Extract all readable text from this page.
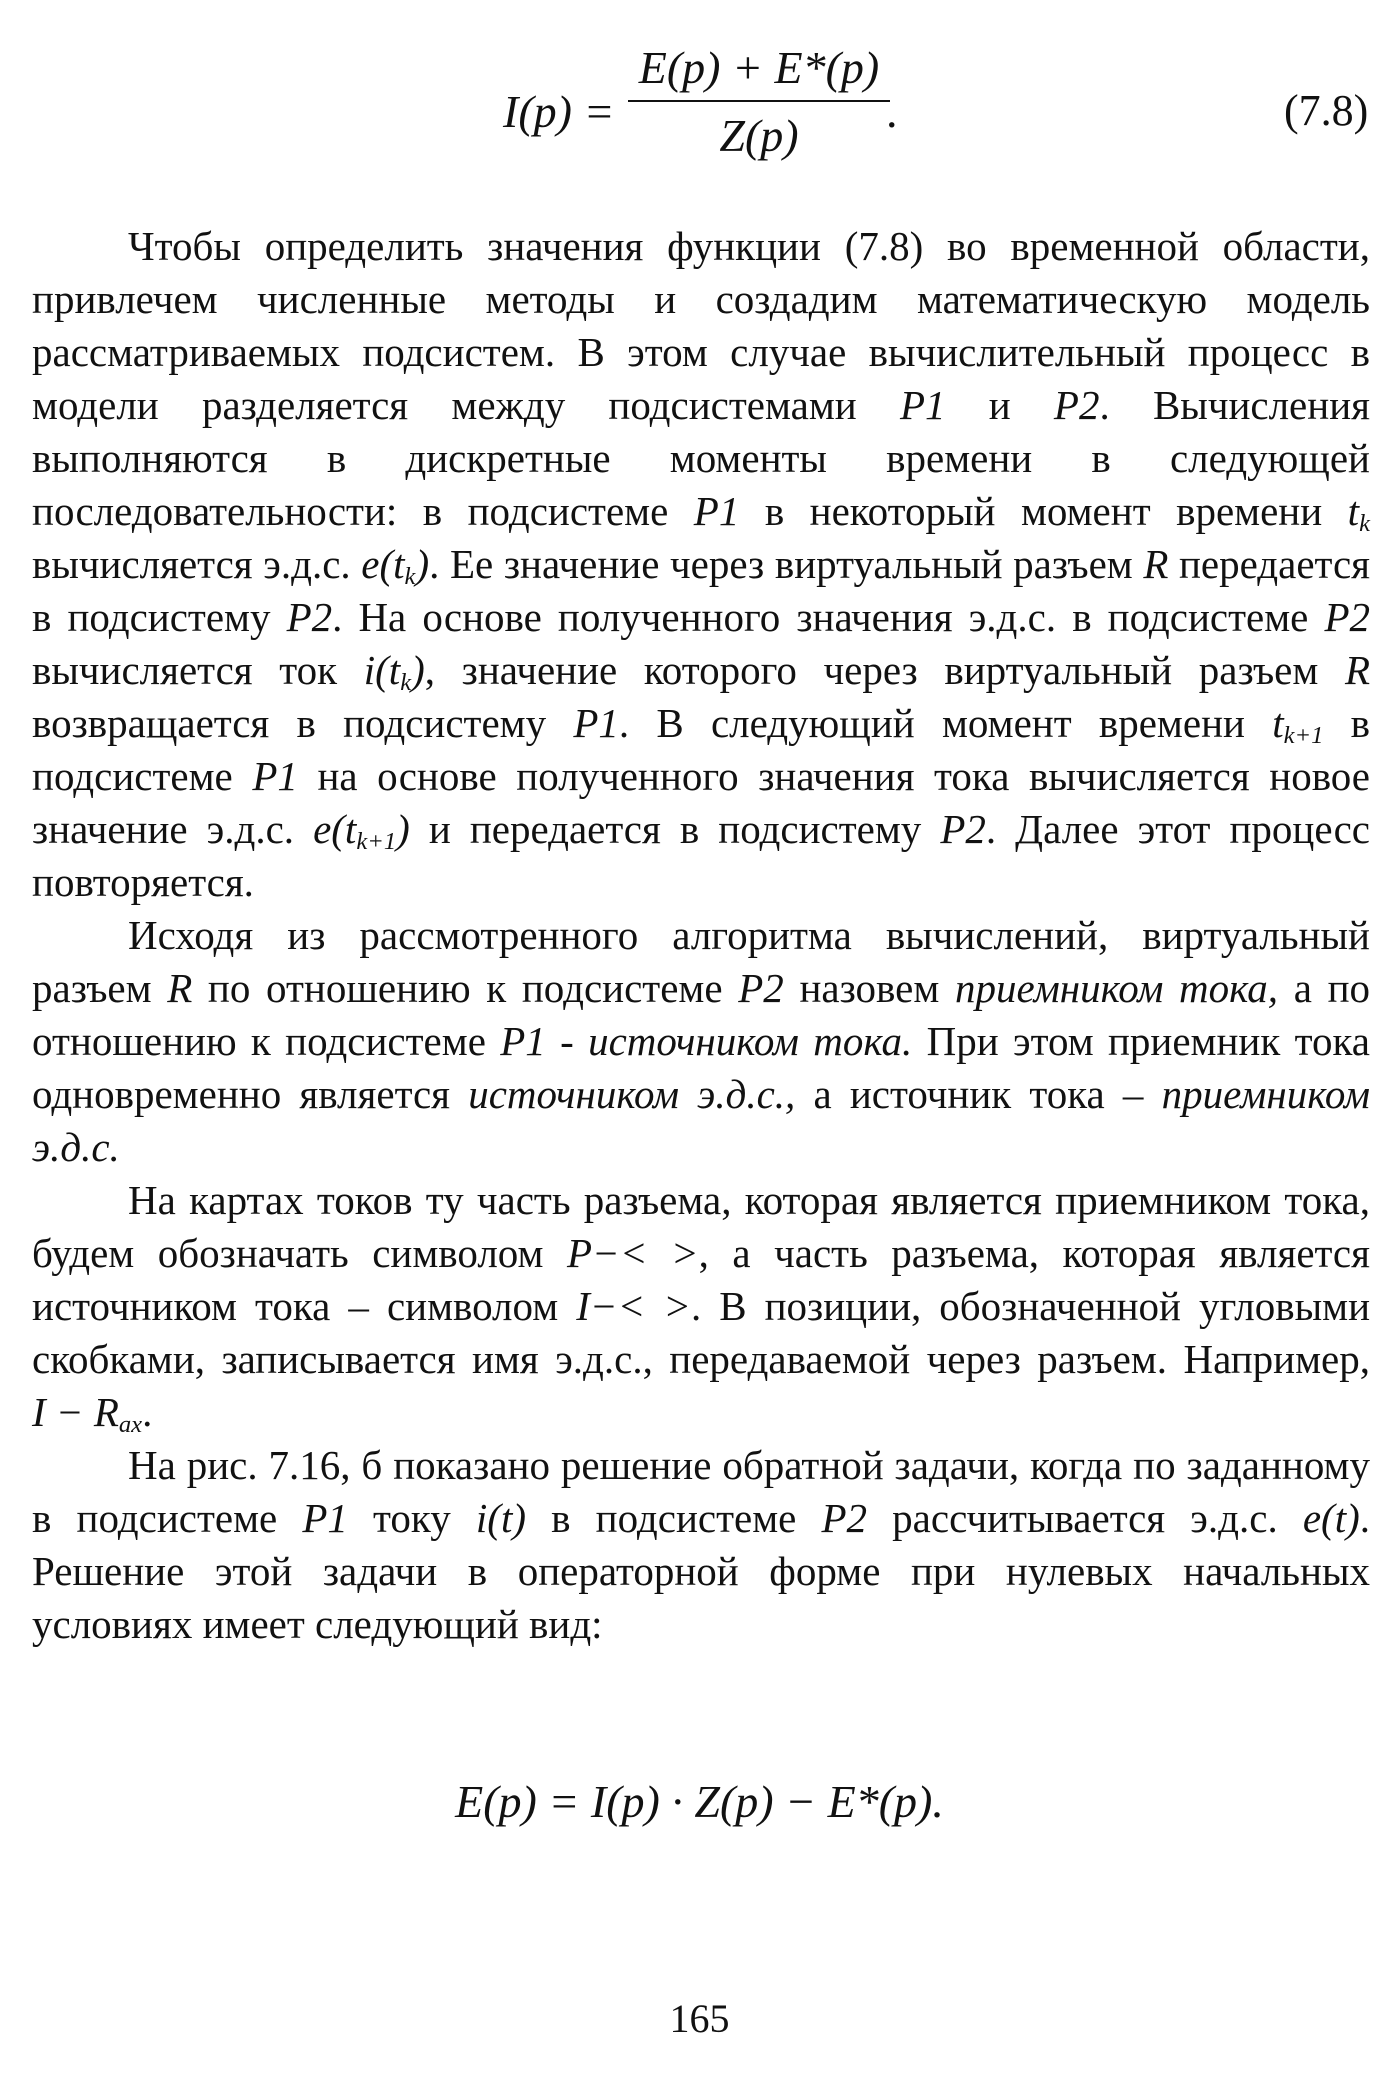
I(p) =
E(p) + E*(p)
Z(p)	.	(7.8)

Чтобы определить значения функции (7.8) во временной области, привлечем численные методы и создадим математическую модель рассматриваемых подсистем. В этом случае вычислительный процесс в модели разделяется между подсистемами P1 и P2. Вычисления выполняются в дискретные моменты времени в следующей последовательности: в подсистеме P1 в некоторый момент времени $t_k$ вычисляется э.д.с. $e(t_k)$. Ее значение через виртуальный разъем R передается в подсистему P2. На основе полученного значения э.д.с. в подсистеме P2 вычисляется ток $i(t_k)$, значение которого через виртуальный разъем R возвращается в подсистему P1. В следующий момент времени $t_{k+1}$ в подсистеме P1 на основе полученного значения тока вычисляется новое значение э.д.с. $e(t_{k+1})$ и передается в подсистему P2. Далее этот процесс повторяется.

Исходя из рассмотренного алгоритма вычислений, виртуальный разъем R по отношению к подсистеме P2 назовем приемником тока, а по отношению к подсистеме P1 - источником тока. При этом приемник тока одновременно является источником э.д.с., а источник тока – приемником э.д.с.

На картах токов ту часть разъема, которая является приемником тока, будем обозначать символом P−< >, а часть разъема, которая является источником тока – символом I−< >. В позиции, обозначенной угловыми скобками, записывается имя э.д.с., передаваемой через разъем. Например, $I - R_{ax}$.

На рис. 7.16, б показано решение обратной задачи, когда по заданному в подсистеме P1 току i(t) в подсистеме P2 рассчитывается э.д.с. e(t). Решение этой задачи в операторной форме при нулевых начальных условиях имеет следующий вид:

E(p) = I(p) · Z(p) − E*(p).
165
